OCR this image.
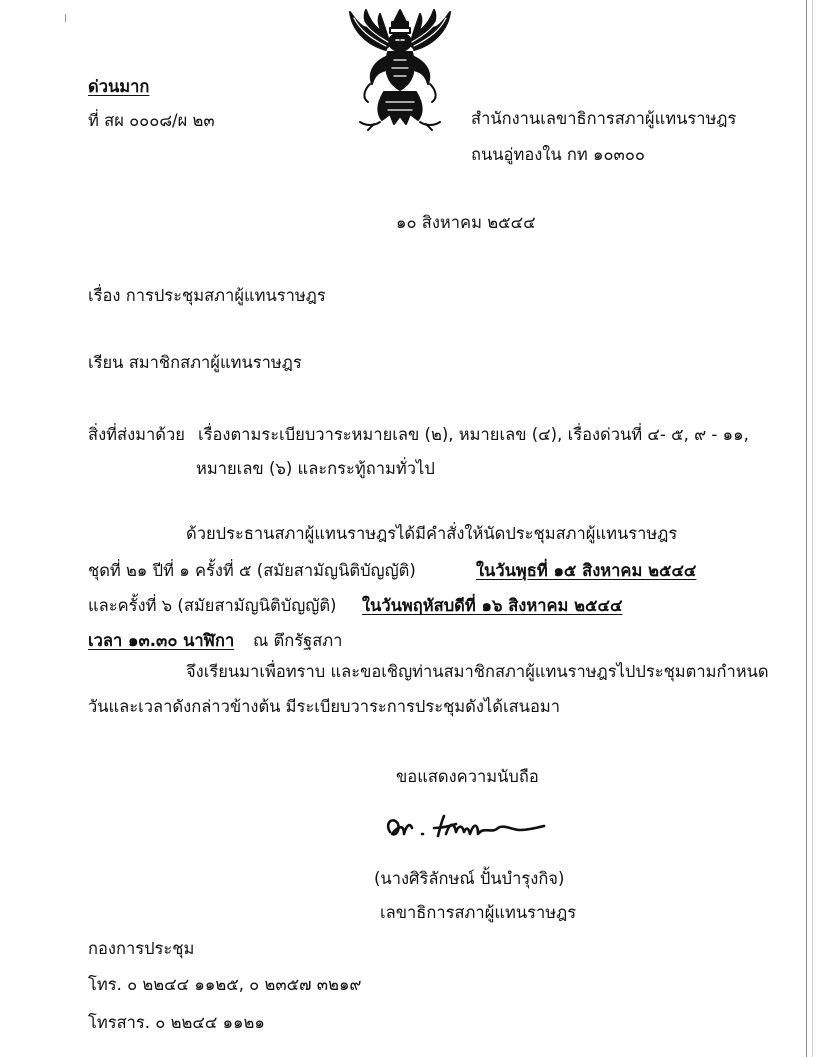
ด่วนมาก
ที่ สผ ๐๐๐๘/ผ ๒๓	สำนักงานเลขาธิการสภาผู้แทนราษฎร
ถนนอู่ทองใน กท ๑๐๓๐๐
๑๐ สิงหาคม ๒๕๔๔
เรื่อง การประชุมสภาผู้แทนราษฎร
เรียน สมาชิกสภาผู้แทนราษฎร
สิ่งที่ส่งมาด้วย เรื่องตามระเบียบวาระหมายเลข (๒), หมายเลข (๔), เรื่องด่วนที่ ๔- ๕, ๙ - ๑๑,
หมายเลข (๖) และกระทู้ถามทั่วไป
ด้วยประธานสภาผู้แทนราษฎรได้มีคำสั่งให้นัดประชุมสภาผู้แทนราษฎร
ชุดที่ ๒๑ ปีที่ ๑ ครั้งที่ ๕ (สมัยสามัญนิติบัญญัติ)	ในวันพุธที่ ๑๕ สิงหาคม ๒๕๔๔
และครั้งที่ ๖ (สมัยสามัญนิติบัญญัติ) ในวันพฤหัสบดีที่ ๑๖ สิงหาคม ๒๕๔๔
เวลา ๑๓.๓๐ นาฬิกา ณ ตึกรัฐสภา
จึงเรียนมาเพื่อทราบ และขอเชิญท่านสมาชิกสภาผู้แทนราษฎรไปประชุมตามกำหนด
วันและเวลาดังกล่าวข้างต้น มีระเบียบวาระการประชุมดังได้เสนอมา
ขอแสดงความนับถือ
(นางศิริลักษณ์ ปั้นบำรุงกิจ)
เลขาธิการสภาผู้แทนราษฎร
กองการประชุม
โทร. ๐ ๒๒๔๔ ๑๑๒๕, ๐ ๒๓๕๗ ๓๒๑๙
โทรสาร. ๐ ๒๒๔๔ ๑๑๒๑
